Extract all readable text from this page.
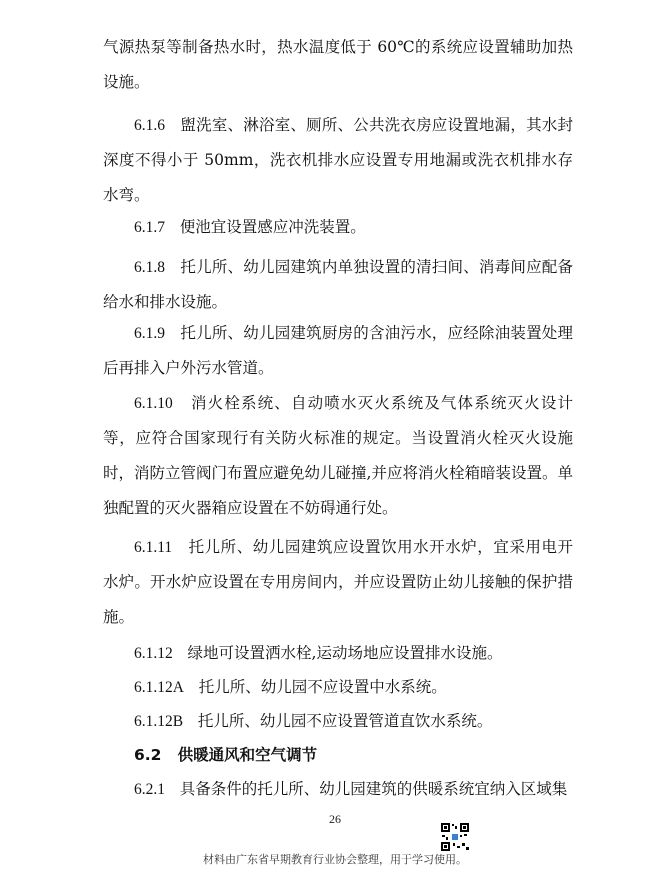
气源热泵等制备热水时，热水温度低于 60℃的系统应设置辅助加热设施。
6.1.6 盥洗室、淋浴室、厕所、公共洗衣房应设置地漏，其水封深度不得小于 50mm，洗衣机排水应设置专用地漏或洗衣机排水存水弯。
6.1.7 便池宜设置感应冲洗装置。
6.1.8 托儿所、幼儿园建筑内单独设置的清扫间、消毒间应配备给水和排水设施。
6.1.9 托儿所、幼儿园建筑厨房的含油污水，应经除油装置处理后再排入户外污水管道。
6.1.10 消火栓系统、自动喷水灭火系统及气体系统灭火设计等，应符合国家现行有关防火标准的规定。当设置消火栓灭火设施时，消防立管阀门布置应避免幼儿碰撞,并应将消火栓箱暗装设置。单独配置的灭火器箱应设置在不妨碍通行处。
6.1.11 托儿所、幼儿园建筑应设置饮用水开水炉，宜采用电开水炉。开水炉应设置在专用房间内，并应设置防止幼儿接触的保护措施。
6.1.12 绿地可设置洒水栓,运动场地应设置排水设施。
6.1.12A 托儿所、幼儿园不应设置中水系统。
6.1.12B 托儿所、幼儿园不应设置管道直饮水系统。
6.2 供暖通风和空气调节
6.2.1 具备条件的托儿所、幼儿园建筑的供暖系统宜纳入区域集
26
材料由广东省早期教育行业协会整理，用于学习使用。
